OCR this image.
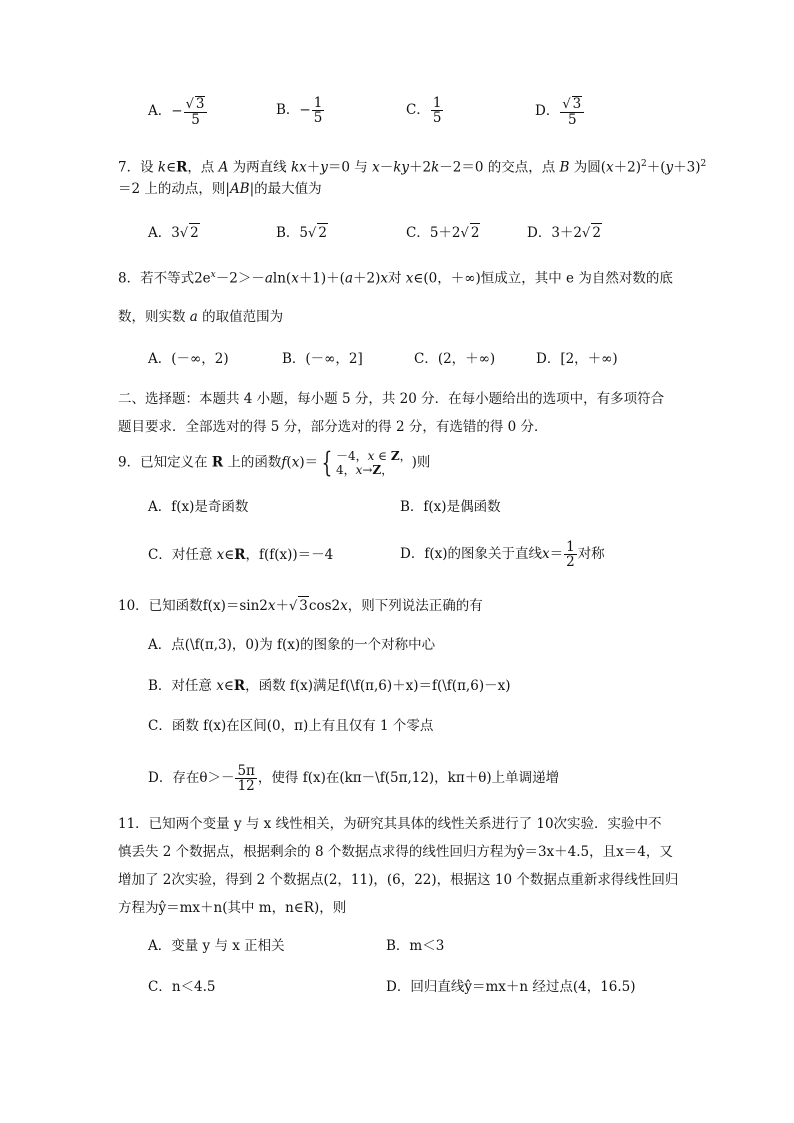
A．− $\frac{√ 3}{5}$	B．− $\frac{1}{5}$	C． $\frac{1}{5}$	D． $\frac{√ 3}{5}$
7．设 k∈R，点 A 为两直线 kx＋y＝0 与 x－ky＋2k－2＝0 的交点，点 B 为圆$(x+2)^2+(y+3)^2$
＝2 上的动点，则|AB|的最大值为
A．3√ 2	B．5√ 2	C．5＋2√ 2	D．3＋2√ 2
8．若不等式$2e^x-2>-aln(x+1)+(a+2)x$对 x∈(0，＋∞)恒成立，其中 e 为自然对数的底
数，则实数 a 的取值范围为
A．(－∞，2)	B．(－∞，2]	C．(2，＋∞)	D．[2，＋∞)
二、选择题：本题共 4 小题，每小题 5 分，共 20 分．在每小题给出的选项中，有多项符合
题目要求．全部选对的得 5 分，部分选对的得 2 分，有选错的得 0 分．
9．已知定义在 R 上的函数f(x)＝ { －4，x ∈ Z，
4，x→Z，	)则
A．f(x)是奇函数	B．f(x)是偶函数
C．对任意 x∈R，f(f(x))＝－4	D．f(x)的图象关于直线$x= \frac{1}{2}$ 对称
10．已知函数f(x)＝sin2x＋√ 3cos2x，则下列说法正确的有
A．点(\f(π,3)，0)为 f(x)的图象的一个对称中心
B．对任意 x∈R，函数 f(x)满足f(\f(π,6)＋x)＝f(\f(π,6)－x)
C．函数 f(x)在区间(0，π)上有且仅有 1 个零点
D．存在$\theta>- \frac{5\pi}{12}$ ，使得 f(x)在(kπ－\f(5π,12)，kπ＋θ)上单调递增
11．已知两个变量 y 与 x 线性相关，为研究其具体的线性关系进行了 10次实验．实验中不
慎丢失 2 个数据点，根据剩余的 8 个数据点求得的线性回归方程为ŷ＝3x＋4.5，且x＝4，又
增加了 2次实验，得到 2 个数据点(2，11)，(6，22)，根据这 10 个数据点重新求得线性回归
方程为ŷ＝mx＋n(其中 m，n∈R)，则
A．变量 y 与 x 正相关	B．m＜3
C．n＜4.5	D．回归直线ŷ＝mx＋n 经过点(4，16.5)
